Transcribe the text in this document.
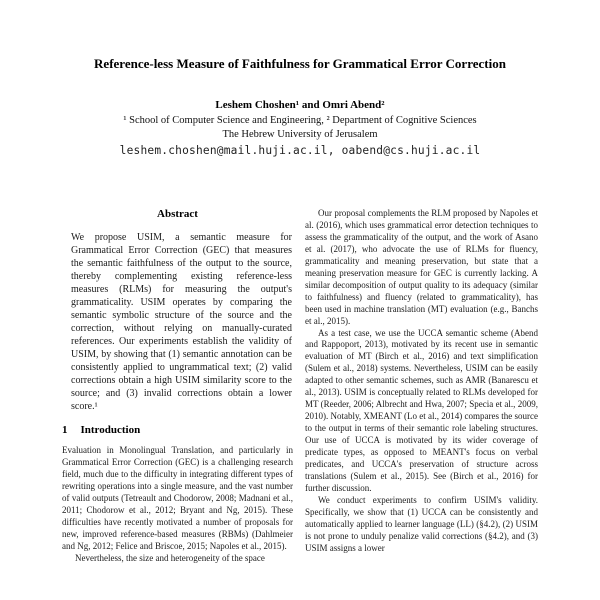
Reference-less Measure of Faithfulness for Grammatical Error Correction
Leshem Choshen¹ and Omri Abend²
¹ School of Computer Science and Engineering, ² Department of Cognitive Sciences
The Hebrew University of Jerusalem
leshem.choshen@mail.huji.ac.il, oabend@cs.huji.ac.il
Abstract

We propose USIM, a semantic measure for Grammatical Error Correction (GEC) that measures the semantic faithfulness of the output to the source, thereby complementing existing reference-less measures (RLMs) for measuring the output's grammaticality. USIM operates by comparing the semantic symbolic structure of the source and the correction, without relying on manually-curated references. Our experiments establish the validity of USIM, by showing that (1) semantic annotation can be consistently applied to ungrammatical text; (2) valid corrections obtain a high USIM similarity score to the source; and (3) invalid corrections obtain a lower score.¹

1 Introduction

Evaluation in Monolingual Translation, and particularly in Grammatical Error Correction (GEC) is a challenging research field, much due to the difficulty in integrating different types of rewriting operations into a single measure, and the vast number of valid outputs (Tetreault and Chodorow, 2008; Madnani et al., 2011; Chodorow et al., 2012; Bryant and Ng, 2015). These difficulties have recently motivated a number of proposals for new, improved reference-based measures (RBMs) (Dahlmeier and Ng, 2012; Felice and Briscoe, 2015; Napoles et al., 2015).

Nevertheless, the size and heterogeneity of the space

Our proposal complements the RLM proposed by Napoles et al. (2016), which uses grammatical error detection techniques to assess the grammaticality of the output, and the work of Asano et al. (2017), who advocate the use of RLMs for fluency, grammaticality and meaning preservation, but state that a meaning preservation measure for GEC is currently lacking. A similar decomposition of output quality to its adequacy (similar to faithfulness) and fluency (related to grammaticality), has been used in machine translation (MT) evaluation (e.g., Banchs et al., 2015).

As a test case, we use the UCCA semantic scheme (Abend and Rappoport, 2013), motivated by its recent use in semantic evaluation of MT (Birch et al., 2016) and text simplification (Sulem et al., 2018) systems. Nevertheless, USIM can be easily adapted to other semantic schemes, such as AMR (Banarescu et al., 2013). USIM is conceptually related to RLMs developed for MT (Reeder, 2006; Albrecht and Hwa, 2007; Specia et al., 2009, 2010). Notably, XMEANT (Lo et al., 2014) compares the source to the output in terms of their semantic role labeling structures. Our use of UCCA is motivated by its wider coverage of predicate types, as opposed to MEANT's focus on verbal predicates, and UCCA's preservation of structure across translations (Sulem et al., 2015). See (Birch et al., 2016) for further discussion.

We conduct experiments to confirm USIM's validity. Specifically, we show that (1) UCCA can be consistently and automatically applied to learner language (LL) (§4.2), (2) USIM is not prone to unduly penalize valid corrections (§4.2), and (3) USIM assigns a lower
